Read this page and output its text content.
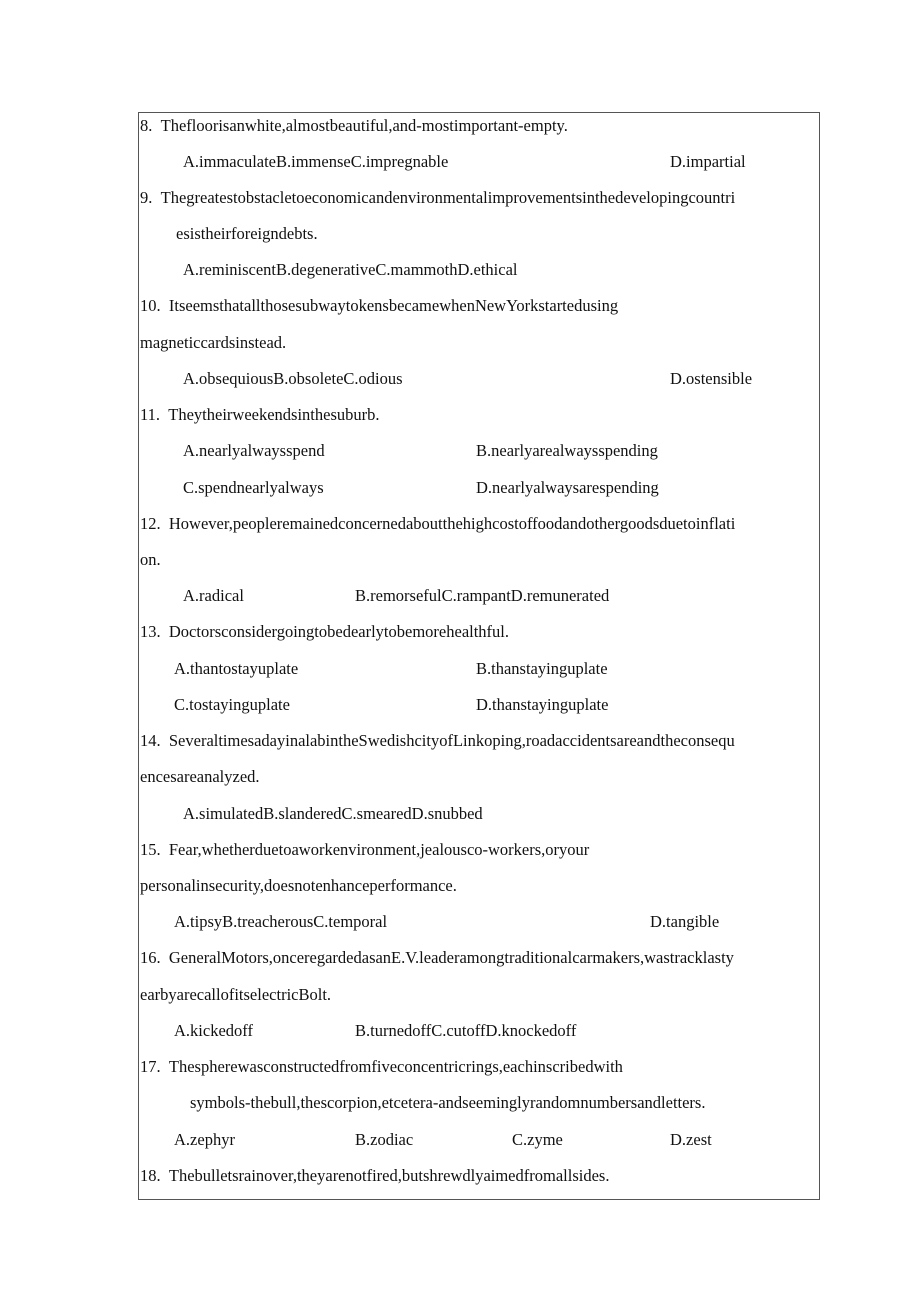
8.  Thefloorisanwhite,almostbeautiful,and-mostimportant-empty.
A.immaculateB.immenseC.impregnable	D.impartial
9.  Thegreatestobstacletoeconomicandenvironmentalimprovementsinthedevelopingcountri
esistheirforeigndebts.
A.reminiscentB.degenerativeC.mammothD.ethical
10.  ItseemsthatallthosesubwaytokensbecamewhenNewYorkstartedusing
magneticcardsinstead.
A.obsequiousB.obsoleteC.odious	D.ostensible
11.  Theytheirweekendsinthesuburb.
A.nearlyalwaysspend	B.nearlyarealwaysspending
C.spendnearlyalways	D.nearlyalwaysarespending
12.  However,peopleremainedconcernedaboutthehighcostoffoodandothergoodsduetoinflati
on.
A.radical	B.remorsefulC.rampantD.remunerated
13.  Doctorsconsidergoingtobedearlytobemorehealthful.
A.thantostayuplate	B.thanstayinguplate
C.tostayinguplate	D.thanstayinguplate
14.  SeveraltimesadayinalabintheSwedishcityofLinkoping,roadaccidentsareandtheconsequ
encesareanalyzed.
A.simulatedB.slanderedC.smearedD.snubbed
15.  Fear,whetherduetoaworkenvironment,jealousco-workers,oryour
personalinsecurity,doesnotenhanceperformance.
A.tipsyB.treacherousC.temporal	D.tangible
16.  GeneralMotors,onceregardedasanE.V.leaderamongtraditionalcarmakers,wastracklasty
earbyarecallofitselectricBolt.
A.kickedoff	B.turnedoffC.cutoffD.knockedoff
17.  Thespherewasconstructedfromfiveconcentricrings,eachinscribedwith
symbols-thebull,thescorpion,etcetera-andseeminglyrandomnumbersandletters.
A.zephyr	B.zodiac	C.zyme	D.zest
18.  Thebulletsrainover,theyarenotfired,butshrewdlyaimedfromallsides.
